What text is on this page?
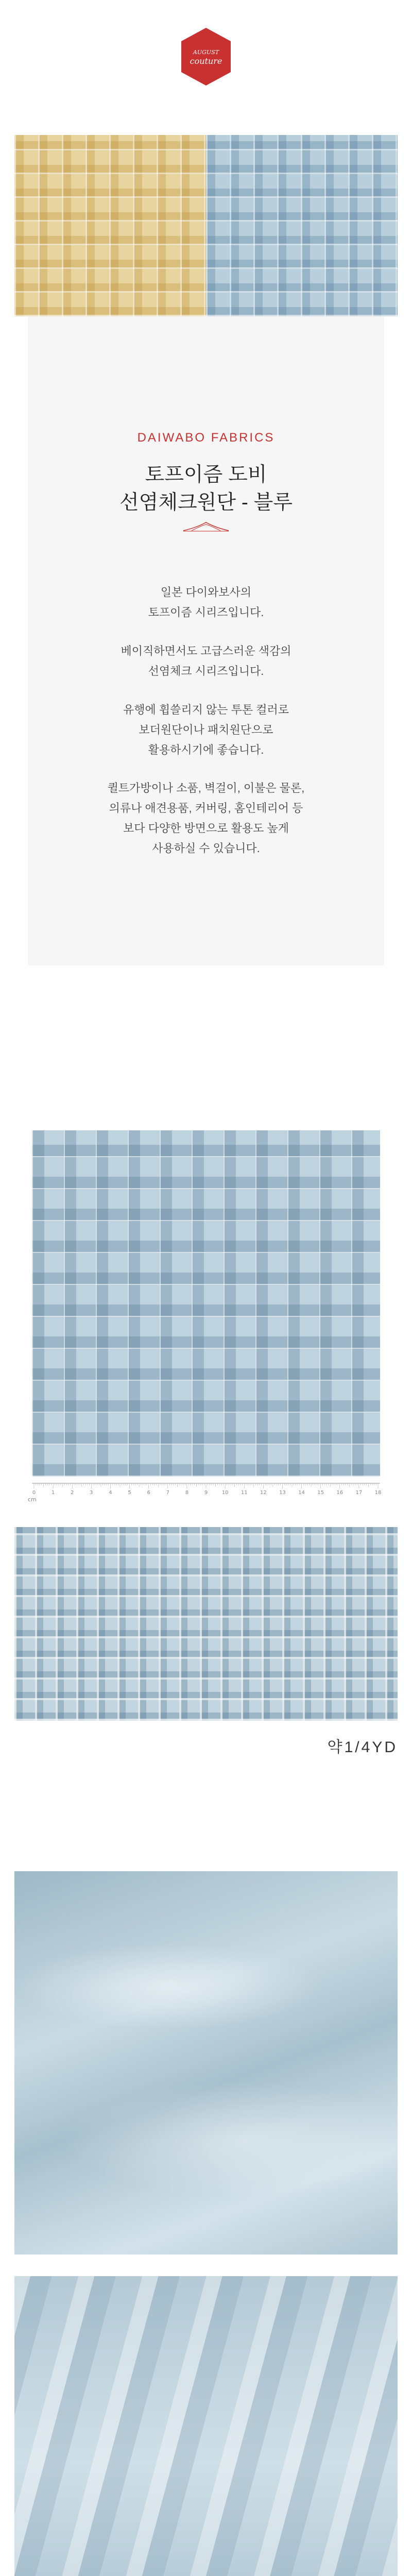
AUGUST
couture
DAIWABO FABRICS
토프이즘 도비
선염체크원단 - 블루
일본 다이와보사의
토프이즘 시리즈입니다.
베이직하면서도 고급스러운 색감의
선염체크 시리즈입니다.
유행에 휩쓸리지 않는 투톤 컬러로
보더원단이나 패치원단으로
활용하시기에 좋습니다.
퀼트가방이나 소품, 벽걸이, 이불은 물론,
의류나 애견용품, 커버링, 홈인테리어 등
보다 다양한 방면으로 활용도 높게
사용하실 수 있습니다.
0	1	2	3	4	5	6	7	8	9	10 11 12 13 14 15 16 17 18
cm
약1/4YD
